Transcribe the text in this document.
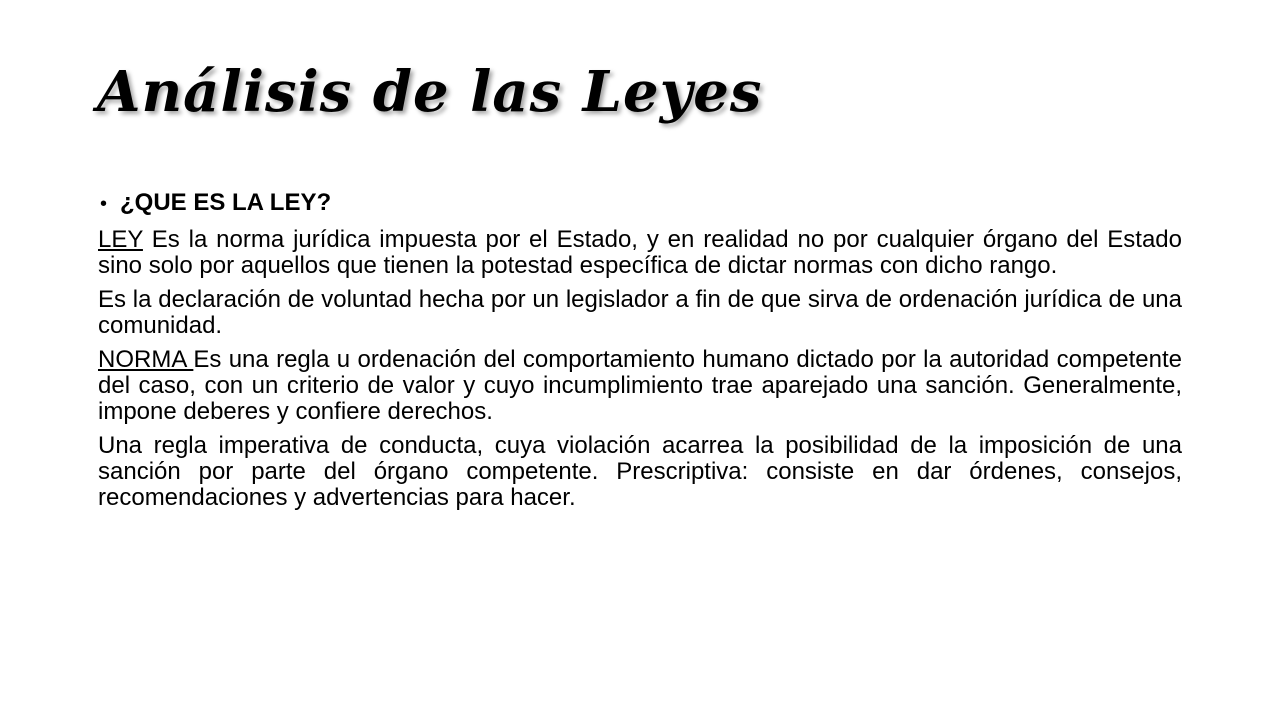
Análisis de las Leyes
• ¿QUE ES LA LEY?

LEY Es la norma jurídica impuesta por el Estado, y en realidad no por cualquier órgano del Estado sino solo por aquellos que tienen la potestad específica de dictar normas con dicho rango.

Es la declaración de voluntad hecha por un legislador a fin de que sirva de ordenación jurídica de una comunidad.

NORMA Es una regla u ordenación del comportamiento humano dictado por la autoridad competente del caso, con un criterio de valor y cuyo incumplimiento trae aparejado una sanción. Generalmente, impone deberes y confiere derechos.

Una regla imperativa de conducta, cuya violación acarrea la posibilidad de la imposición de una sanción por parte del órgano competente. Prescriptiva: consiste en dar órdenes, consejos, recomendaciones y advertencias para hacer.
